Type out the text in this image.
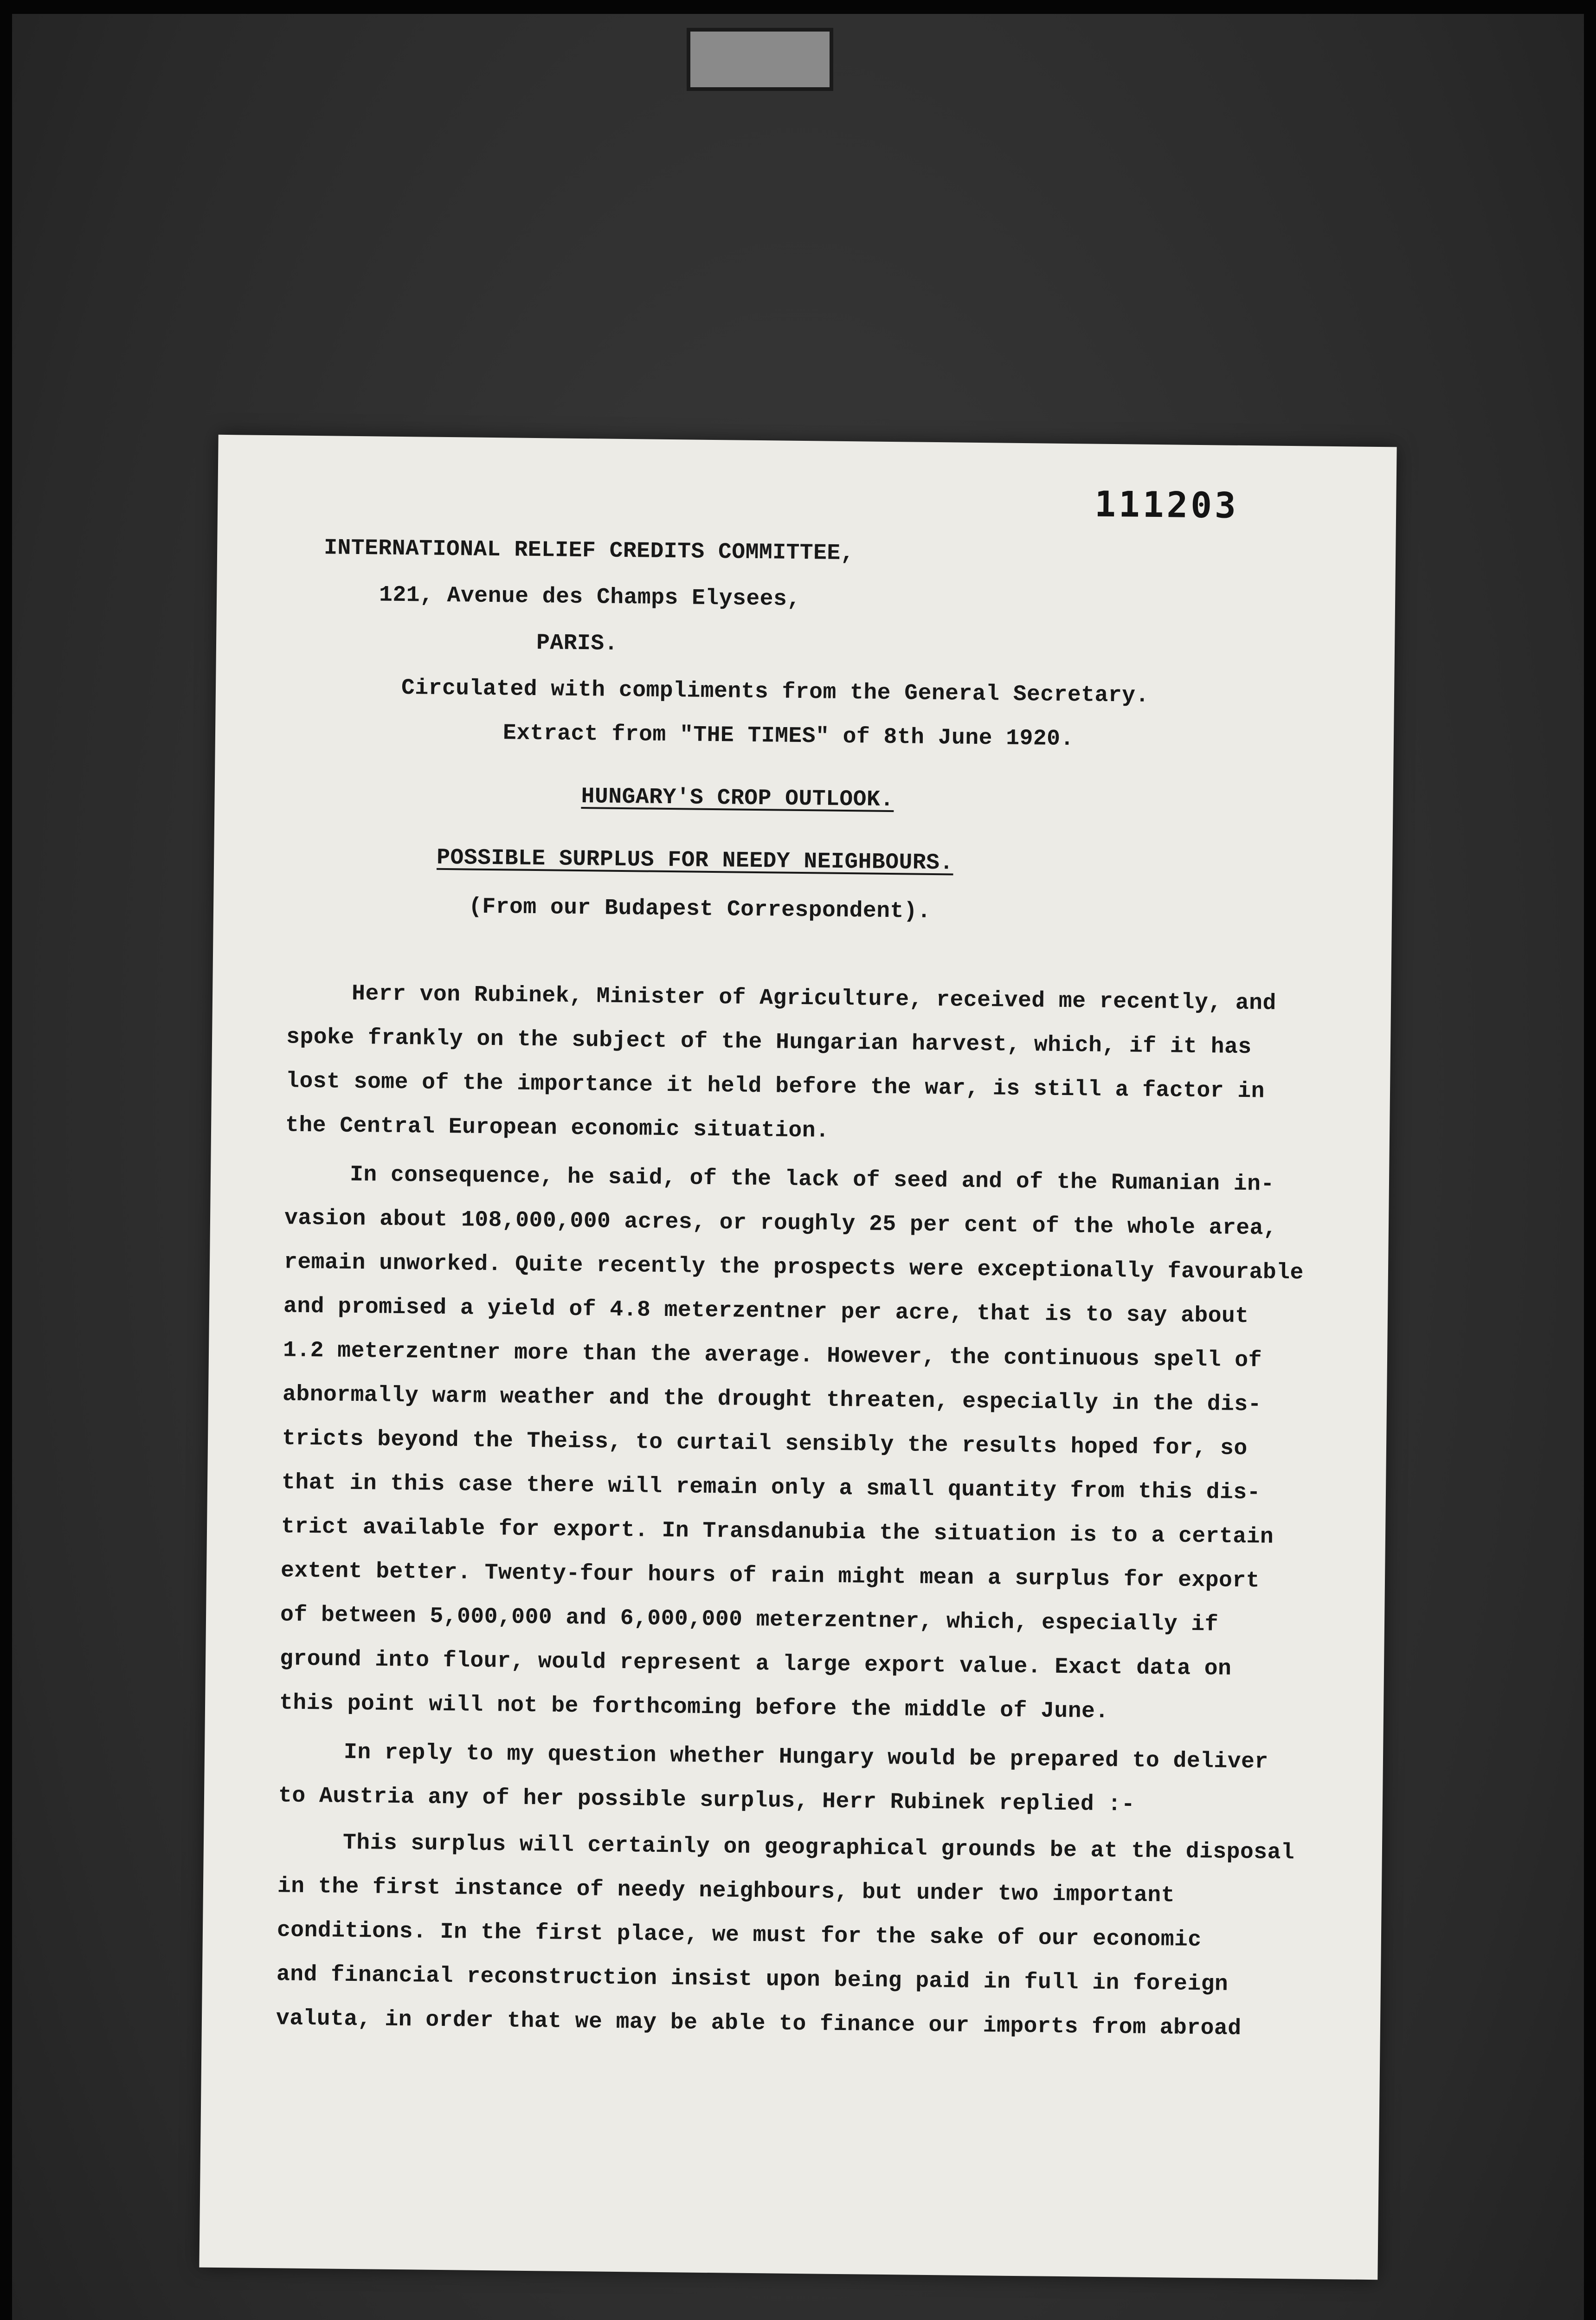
111203
INTERNATIONAL RELIEF CREDITS COMMITTEE,
121, Avenue des Champs Elysees,
PARIS.
Circulated with compliments from the General Secretary.
Extract from "THE TIMES" of 8th June 1920.
HUNGARY'S CROP OUTLOOK.
POSSIBLE SURPLUS FOR NEEDY NEIGHBOURS.
(From our Budapest Correspondent).
Herr von Rubinek, Minister of Agriculture, received me recently, and
spoke frankly on the subject of the Hungarian harvest, which, if it has
lost some of the importance it held before the war, is still a factor in
the Central European economic situation.
In consequence, he said, of the lack of seed and of the Rumanian in-
vasion about 108,000,000 acres, or roughly 25 per cent of the whole area,
remain unworked. Quite recently the prospects were exceptionally favourable
and promised a yield of 4.8 meterzentner per acre, that is to say about
1.2 meterzentner more than the average. However, the continuous spell of
abnormally warm weather and the drought threaten, especially in the dis-
tricts beyond the Theiss, to curtail sensibly the results hoped for, so
that in this case there will remain only a small quantity from this dis-
trict available for export. In Transdanubia the situation is to a certain
extent better. Twenty-four hours of rain might mean a surplus for export
of between 5,000,000 and 6,000,000 meterzentner, which, especially if
ground into flour, would represent a large export value. Exact data on
this point will not be forthcoming before the middle of June.
In reply to my question whether Hungary would be prepared to deliver
to Austria any of her possible surplus, Herr Rubinek replied :-
This surplus will certainly on geographical grounds be at the disposal
in the first instance of needy neighbours, but under two important
conditions. In the first place, we must for the sake of our economic
and financial reconstruction insist upon being paid in full in foreign
valuta, in order that we may be able to finance our imports from abroad
